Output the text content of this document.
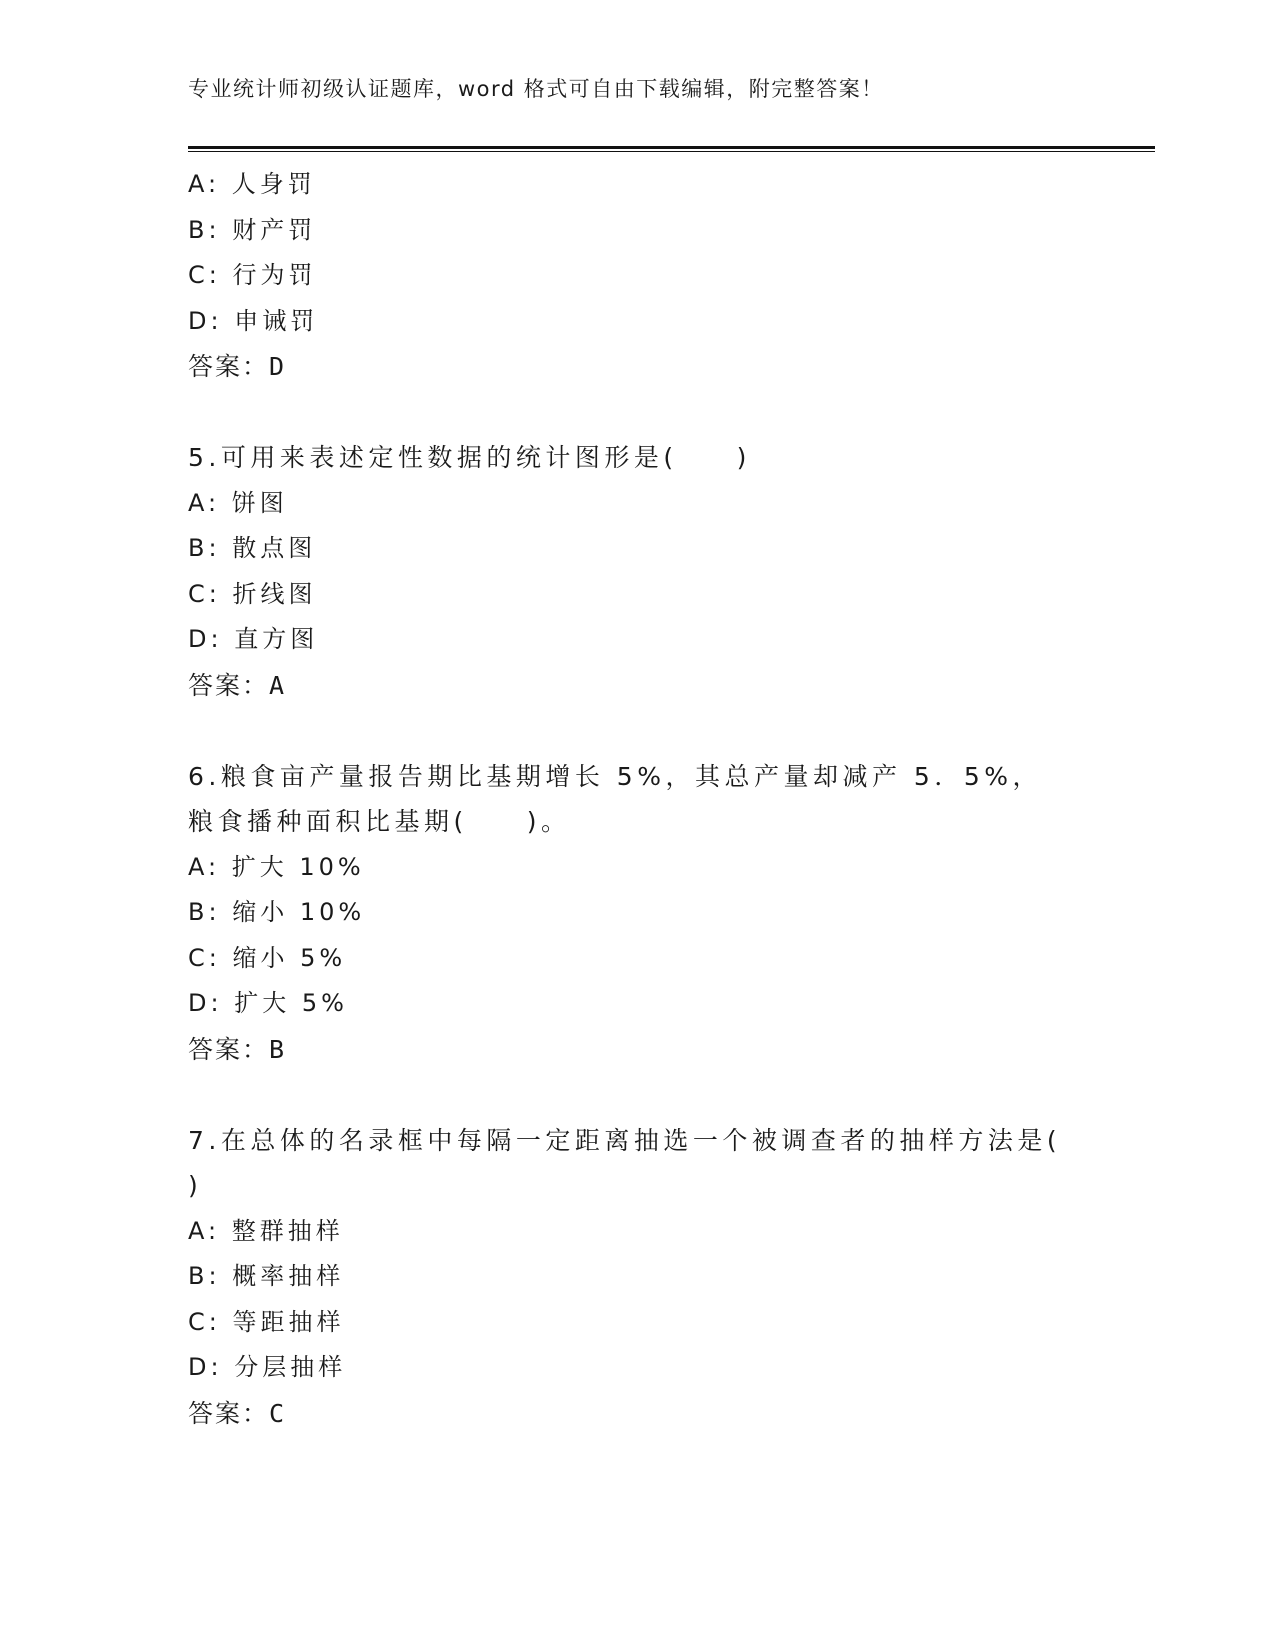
专业统计师初级认证题库，word 格式可自由下载编辑，附完整答案！
A: 人身罚
B: 财产罚
C: 行为罚
D: 申诫罚
答案：D
5.可用来表述定性数据的统计图形是(　　)
A: 饼图
B: 散点图
C: 折线图
D: 直方图
答案：A
6.粮食亩产量报告期比基期增长 5%，其总产量却减产 5．5%，粮食播种面积比基期(　　)。
A: 扩大 10%
B: 缩小 10%
C: 缩小 5%
D: 扩大 5%
答案：B
7.在总体的名录框中每隔一定距离抽选一个被调查者的抽样方法是(　　)
A: 整群抽样
B: 概率抽样
C: 等距抽样
D: 分层抽样
答案：C
